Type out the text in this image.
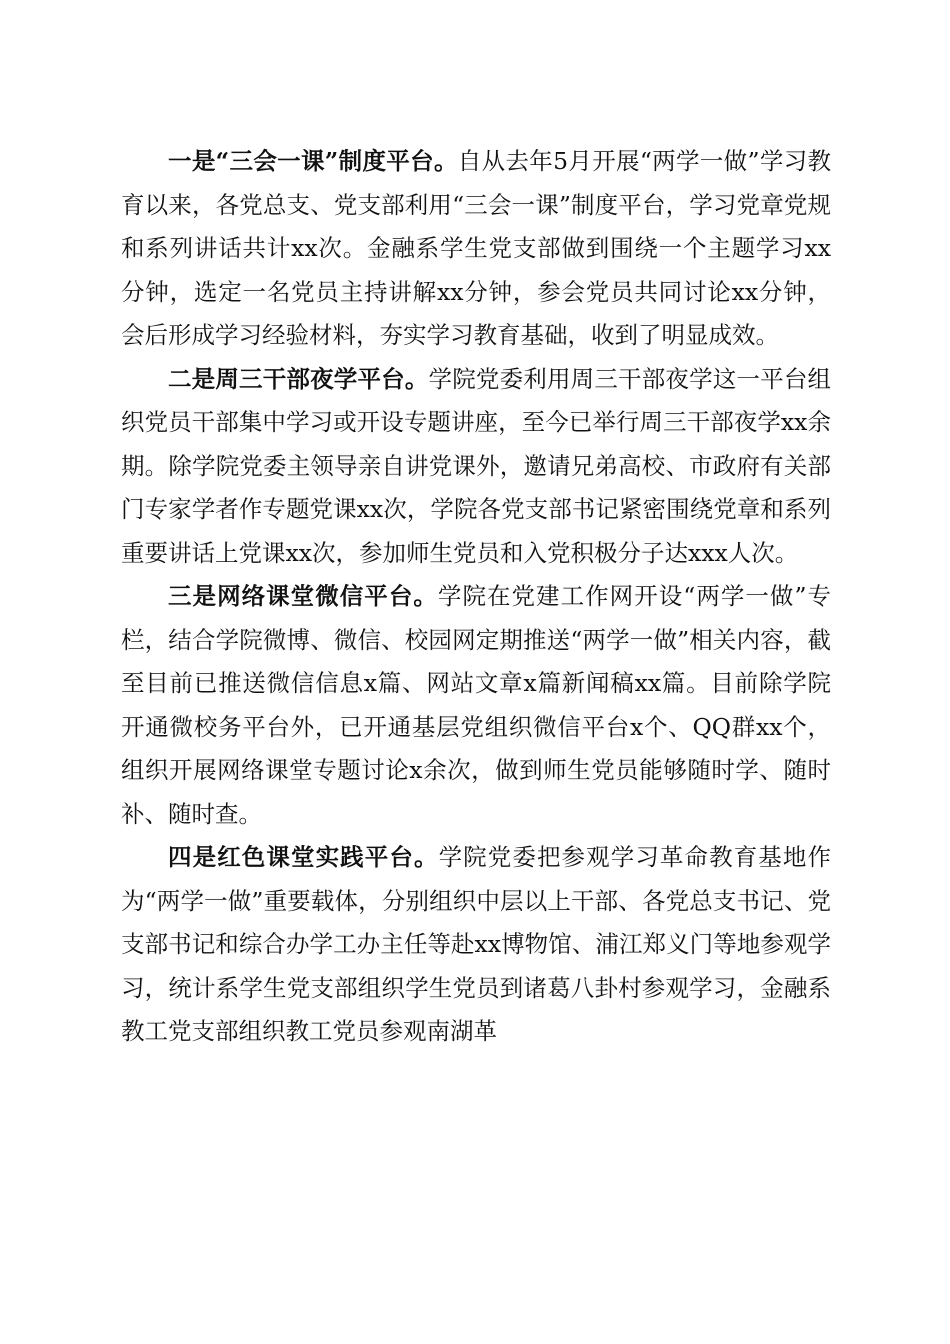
一是“三会一课”制度平台。自从去年5月开展“两学一做”学习教育以来，各党总支、党支部利用“三会一课”制度平台，学习党章党规和系列讲话共计xx次。金融系学生党支部做到围绕一个主题学习xx分钟，选定一名党员主持讲解xx分钟，参会党员共同讨论xx分钟，会后形成学习经验材料，夯实学习教育基础，收到了明显成效。

二是周三干部夜学平台。学院党委利用周三干部夜学这一平台组织党员干部集中学习或开设专题讲座，至今已举行周三干部夜学xx余期。除学院党委主领导亲自讲党课外，邀请兄弟高校、市政府有关部门专家学者作专题党课xx次，学院各党支部书记紧密围绕党章和系列重要讲话上党课xx次，参加师生党员和入党积极分子达xxx人次。

三是网络课堂微信平台。学院在党建工作网开设“两学一做”专栏，结合学院微博、微信、校园网定期推送“两学一做”相关内容，截至目前已推送微信信息x篇、网站文章x篇新闻稿xx篇。目前除学院开通微校务平台外，已开通基层党组织微信平台x个、QQ群xx个，组织开展网络课堂专题讨论x余次，做到师生党员能够随时学、随时补、随时查。

四是红色课堂实践平台。学院党委把参观学习革命教育基地作为“两学一做”重要载体，分别组织中层以上干部、各党总支书记、党支部书记和综合办学工办主任等赴xx博物馆、浦江郑义门等地参观学习，统计系学生党支部组织学生党员到诸葛八卦村参观学习，金融系教工党支部组织教工党员参观南湖革
